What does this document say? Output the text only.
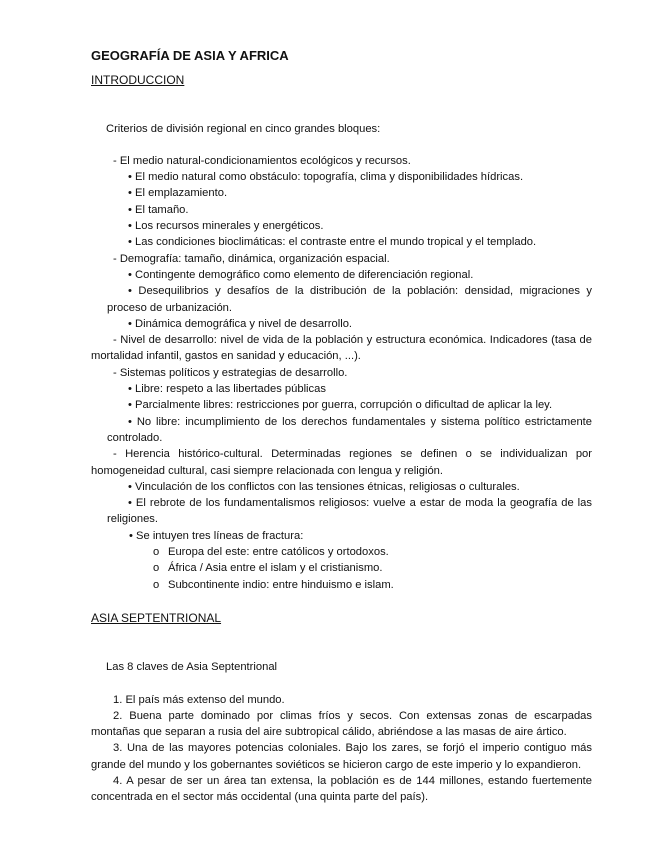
GEOGRAFÍA DE ASIA Y AFRICA

INTRODUCCION

Criterios de división regional en cinco grandes bloques:

- El medio natural-condicionamientos ecológicos y recursos.

• El medio natural como obstáculo: topografía, clima y disponibilidades hídricas.

• El emplazamiento.

• El tamaño.

• Los recursos minerales y energéticos.

• Las condiciones bioclimáticas: el contraste entre el mundo tropical y el templado.

- Demografía: tamaño, dinámica, organización espacial.

• Contingente demográfico como elemento de diferenciación regional.

• Desequilibrios y desafíos de la distribución de la población: densidad, migraciones y proceso de urbanización.

• Dinámica demográfica y nivel de desarrollo.

- Nivel de desarrollo: nivel de vida de la población y estructura económica. Indicadores (tasa de mortalidad infantil, gastos en sanidad y educación, ...).

- Sistemas políticos y estrategias de desarrollo.

• Libre: respeto a las libertades públicas

• Parcialmente libres: restricciones por guerra, corrupción o dificultad de aplicar la ley.

• No libre: incumplimiento de los derechos fundamentales y sistema político estrictamente controlado.

- Herencia histórico-cultural. Determinadas regiones se definen o se individualizan por homogeneidad cultural, casi siempre relacionada con lengua y religión.

• Vinculación de los conflictos con las tensiones étnicas, religiosas o culturales.

• El rebrote de los fundamentalismos religiosos: vuelve a estar de moda la geografía de las religiones.

• Se intuyen tres líneas de fractura:

o Europa del este: entre católicos y ortodoxos.

o África / Asia entre el islam y el cristianismo.

o Subcontinente indio: entre hinduismo e islam.

ASIA SEPTENTRIONAL

Las 8 claves de Asia Septentrional

1. El país más extenso del mundo.

2. Buena parte dominado por climas fríos y secos. Con extensas zonas de escarpadas montañas que separan a rusia del aire subtropical cálido, abriéndose a las masas de aire ártico.

3. Una de las mayores potencias coloniales. Bajo los zares, se forjó el imperio contiguo más grande del mundo y los gobernantes soviéticos se hicieron cargo de este imperio y lo expandieron.

4. A pesar de ser un área tan extensa, la población es de 144 millones, estando fuertemente concentrada en el sector más occidental (una quinta parte del país).
